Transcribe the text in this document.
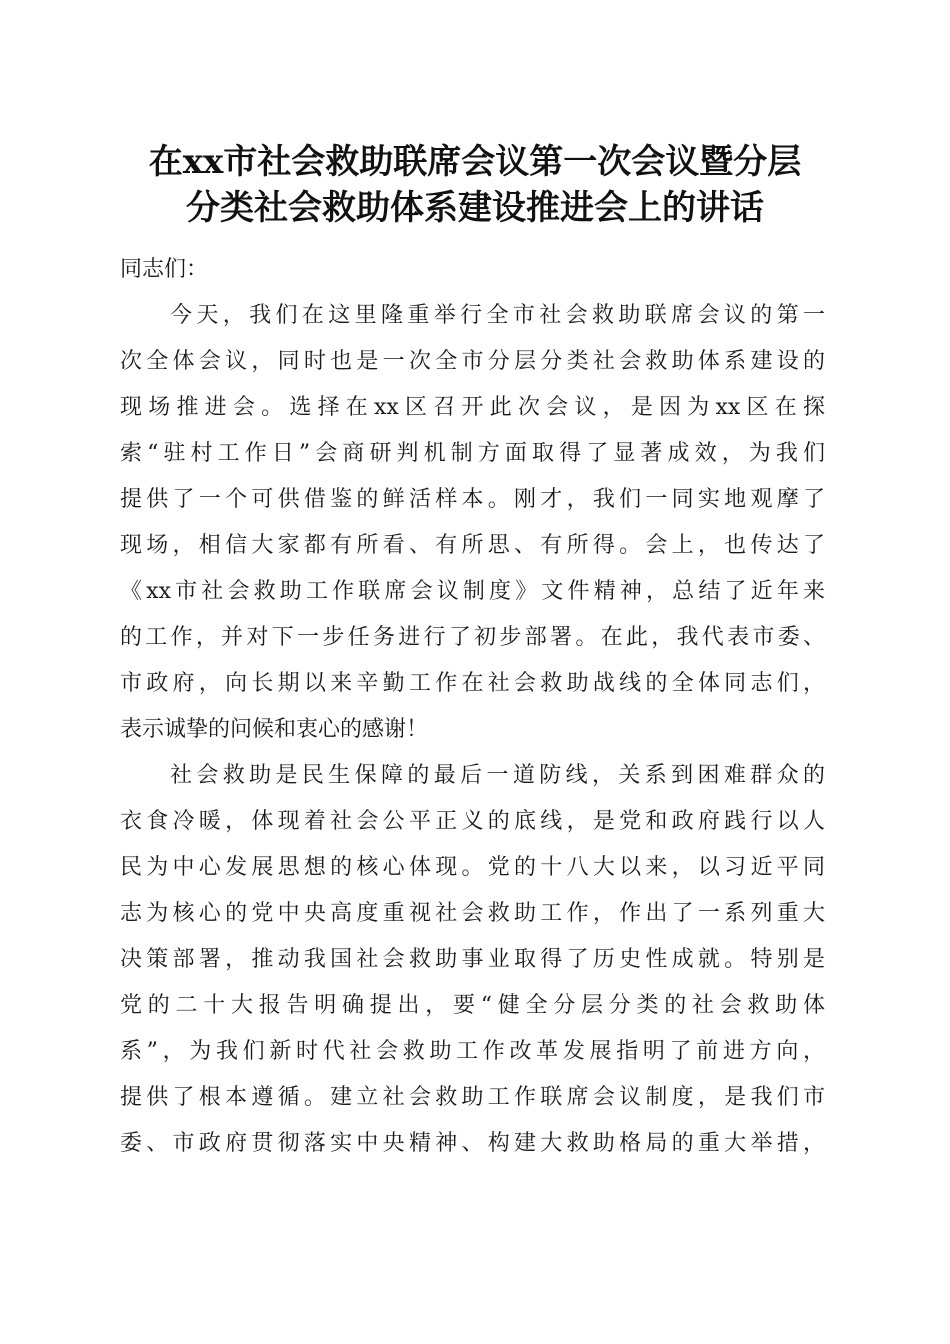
在xx市社会救助联席会议第一次会议暨分层
分类社会救助体系建设推进会上的讲话
同志们：
今天，我们在这里隆重举行全市社会救助联席会议的第一
次全体会议，同时也是一次全市分层分类社会救助体系建设的
现场推进会。选择在xx区召开此次会议，是因为xx区在探
索“驻村工作日”会商研判机制方面取得了显著成效，为我们
提供了一个可供借鉴的鲜活样本。刚才，我们一同实地观摩了
现场，相信大家都有所看、有所思、有所得。会上，也传达了
《xx市社会救助工作联席会议制度》文件精神，总结了近年来
的工作，并对下一步任务进行了初步部署。在此，我代表市委、
市政府，向长期以来辛勤工作在社会救助战线的全体同志们，
表示诚挚的问候和衷心的感谢！
社会救助是民生保障的最后一道防线，关系到困难群众的
衣食冷暖，体现着社会公平正义的底线，是党和政府践行以人
民为中心发展思想的核心体现。党的十八大以来，以习近平同
志为核心的党中央高度重视社会救助工作，作出了一系列重大
决策部署，推动我国社会救助事业取得了历史性成就。特别是
党的二十大报告明确提出，要“健全分层分类的社会救助体
系”，为我们新时代社会救助工作改革发展指明了前进方向，
提供了根本遵循。建立社会救助工作联席会议制度，是我们市
委、市政府贯彻落实中央精神、构建大救助格局的重大举措，
